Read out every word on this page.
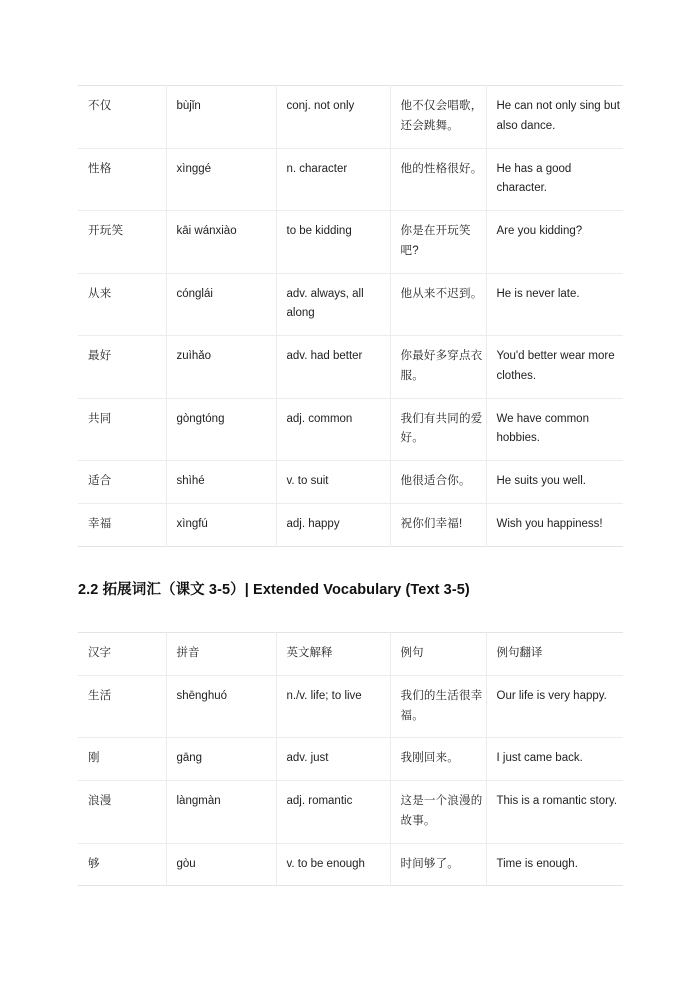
不仅	bùjǐn	conj. not only	他不仅会唱歌，还会跳舞。	He can not only sing but also dance.
性格	xìnggé	n. character	他的性格很好。	He has a good character.
开玩笑	kāi wánxiào	to be kidding	你是在开玩笑吧?	Are you kidding?
从来	cónglái	adv. always, all along	他从来不迟到。	He is never late.
最好	zuìhǎo	adv. had better	你最好多穿点衣服。	You'd better wear more clothes.
共同	gòngtóng	adj. common	我们有共同的爱好。	We have common hobbies.
适合	shìhé	v. to suit	他很适合你。	He suits you well.
幸福	xìngfú	adj. happy	祝你们幸福!	Wish you happiness!
2.2 拓展词汇（课文 3-5）| Extended Vocabulary (Text 3-5)
汉字	拼音	英文解释	例句	例句翻译
生活	shēnghuó	n./v. life; to live	我们的生活很幸福。	Our life is very happy.
刚	gāng	adv. just	我刚回来。	I just came back.
浪漫	làngmàn	adj. romantic	这是一个浪漫的故事。	This is a romantic story.
够	gòu	v. to be enough	时间够了。	Time is enough.
